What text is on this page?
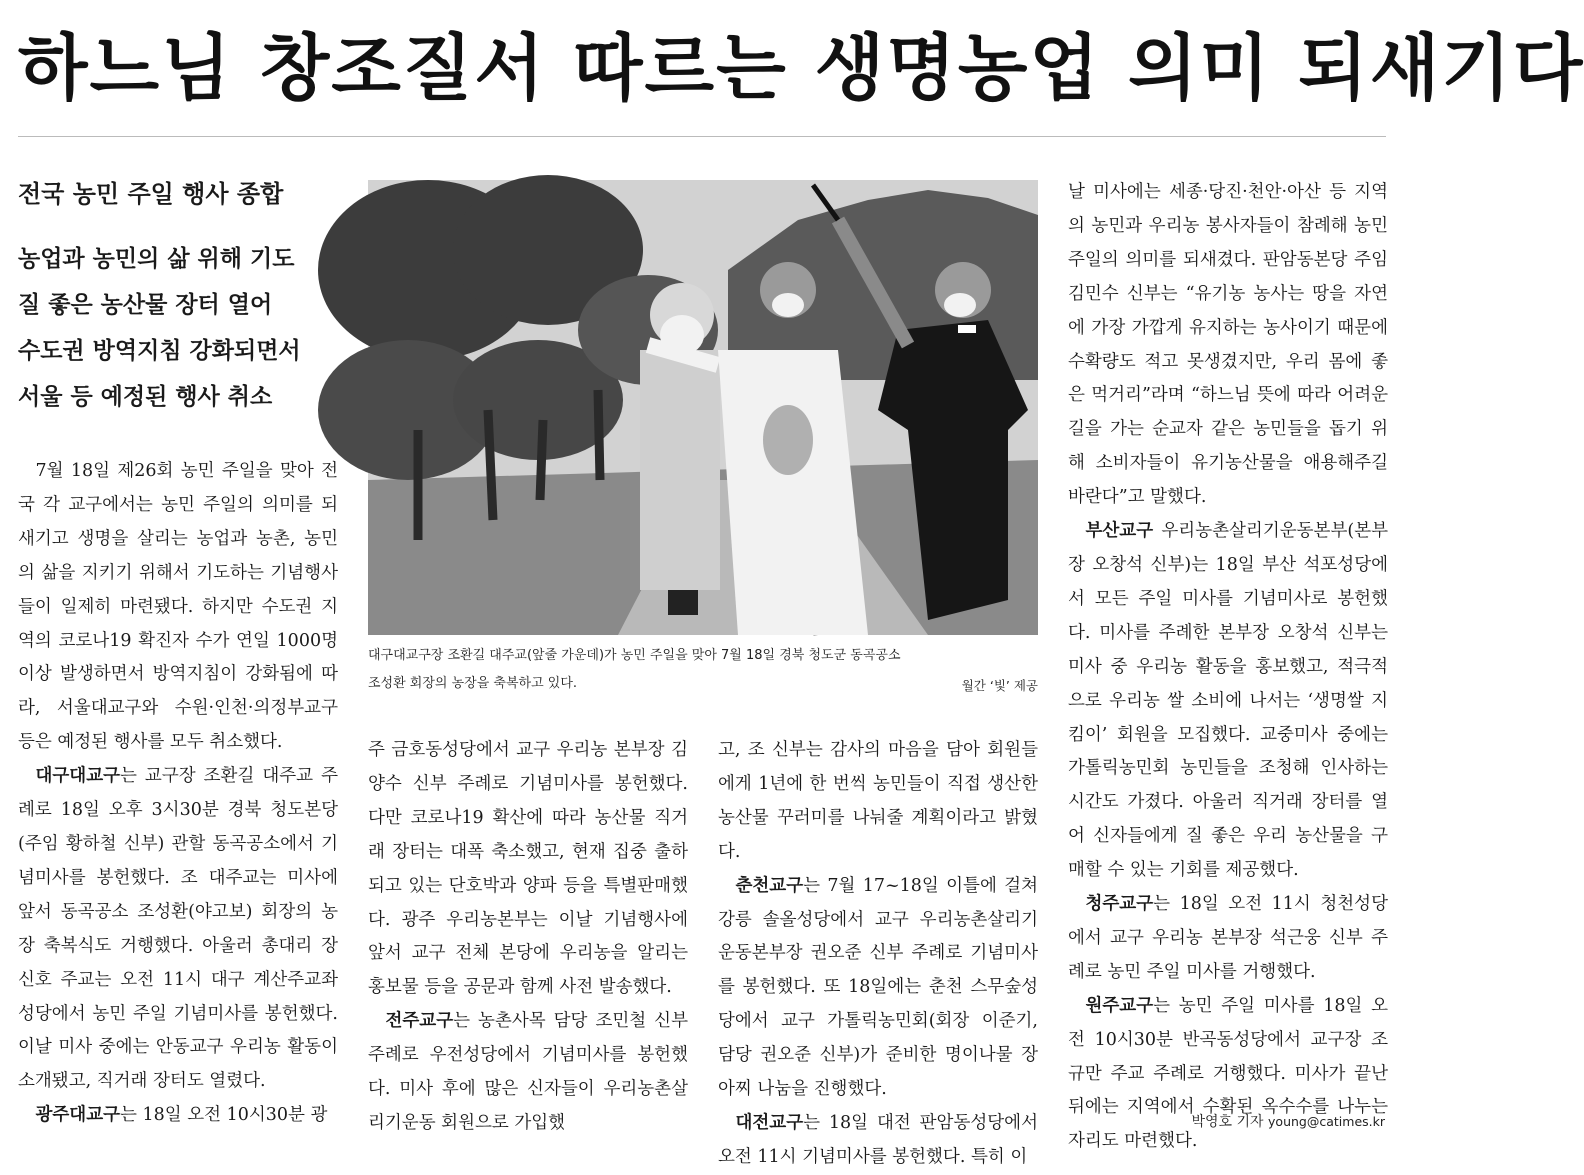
하느님 창조질서 따르는 생명농업 의미 되새기다
전국 농민 주일 행사 종합
농업과 농민의 삶 위해 기도
질 좋은 농산물 장터 열어
수도권 방역지침 강화되면서
서울 등 예정된 행사 취소

7월 18일 제26회 농민 주일을 맞아 전국 각 교구에서는 농민 주일의 의미를 되새기고 생명을 살리는 농업과 농촌, 농민의 삶을 지키기 위해서 기도하는 기념행사들이 일제히 마련됐다. 하지만 수도권 지역의 코로나19 확진자 수가 연일 1000명 이상 발생하면서 방역지침이 강화됨에 따라, 서울대교구와 수원·인천·의정부교구 등은 예정된 행사를 모두 취소했다.

대구대교구는 교구장 조환길 대주교 주례로 18일 오후 3시30분 경북 청도본당(주임 황하철 신부) 관할 동곡공소에서 기념미사를 봉헌했다. 조 대주교는 미사에 앞서 동곡공소 조성환(야고보) 회장의 농장 축복식도 거행했다. 아울러 총대리 장신호 주교는 오전 11시 대구 계산주교좌성당에서 농민 주일 기념미사를 봉헌했다. 이날 미사 중에는 안동교구 우리농 활동이 소개됐고, 직거래 장터도 열렸다.

광주대교구는 18일 오전 10시30분 광

대구대교구장 조환길 대주교(앞줄 가운데)가 농민 주일을 맞아 7월 18일 경북 청도군 동곡공소
조성환 회장의 농장을 축복하고 있다.	월간 ‘빛’ 제공

주 금호동성당에서 교구 우리농 본부장 김양수 신부 주례로 기념미사를 봉헌했다. 다만 코로나19 확산에 따라 농산물 직거래 장터는 대폭 축소했고, 현재 집중 출하되고 있는 단호박과 양파 등을 특별판매했다. 광주 우리농본부는 이날 기념행사에 앞서 교구 전체 본당에 우리농을 알리는 홍보물 등을 공문과 함께 사전 발송했다.

전주교구는 농촌사목 담당 조민철 신부 주례로 우전성당에서 기념미사를 봉헌했다. 미사 후에 많은 신자들이 우리농촌살리기운동 회원으로 가입했

고, 조 신부는 감사의 마음을 담아 회원들에게 1년에 한 번씩 농민들이 직접 생산한 농산물 꾸러미를 나눠줄 계획이라고 밝혔다.

춘천교구는 7월 17~18일 이틀에 걸쳐 강릉 솔올성당에서 교구 우리농촌살리기운동본부장 권오준 신부 주례로 기념미사를 봉헌했다. 또 18일에는 춘천 스무숲성당에서 교구 가톨릭농민회(회장 이준기, 담당 권오준 신부)가 준비한 명이나물 장아찌 나눔을 진행했다.

대전교구는 18일 대전 판암동성당에서 오전 11시 기념미사를 봉헌했다. 특히 이

날 미사에는 세종·당진·천안·아산 등 지역의 농민과 우리농 봉사자들이 참례해 농민 주일의 의미를 되새겼다. 판암동본당 주임 김민수 신부는 “유기농 농사는 땅을 자연에 가장 가깝게 유지하는 농사이기 때문에 수확량도 적고 못생겼지만, 우리 몸에 좋은 먹거리”라며 “하느님 뜻에 따라 어려운 길을 가는 순교자 같은 농민들을 돕기 위해 소비자들이 유기농산물을 애용해주길 바란다”고 말했다.

부산교구 우리농촌살리기운동본부(본부장 오창석 신부)는 18일 부산 석포성당에서 모든 주일 미사를 기념미사로 봉헌했다. 미사를 주례한 본부장 오창석 신부는 미사 중 우리농 활동을 홍보했고, 적극적으로 우리농 쌀 소비에 나서는 ‘생명쌀 지킴이’ 회원을 모집했다. 교중미사 중에는 가톨릭농민회 농민들을 조청해 인사하는 시간도 가졌다. 아울러 직거래 장터를 열어 신자들에게 질 좋은 우리 농산물을 구매할 수 있는 기회를 제공했다.

청주교구는 18일 오전 11시 청천성당에서 교구 우리농 본부장 석근웅 신부 주례로 농민 주일 미사를 거행했다.

원주교구는 농민 주일 미사를 18일 오전 10시30분 반곡동성당에서 교구장 조규만 주교 주례로 거행했다. 미사가 끝난 뒤에는 지역에서 수확된 옥수수를 나누는 자리도 마련했다.

박영호 기자 young@catimes.kr
